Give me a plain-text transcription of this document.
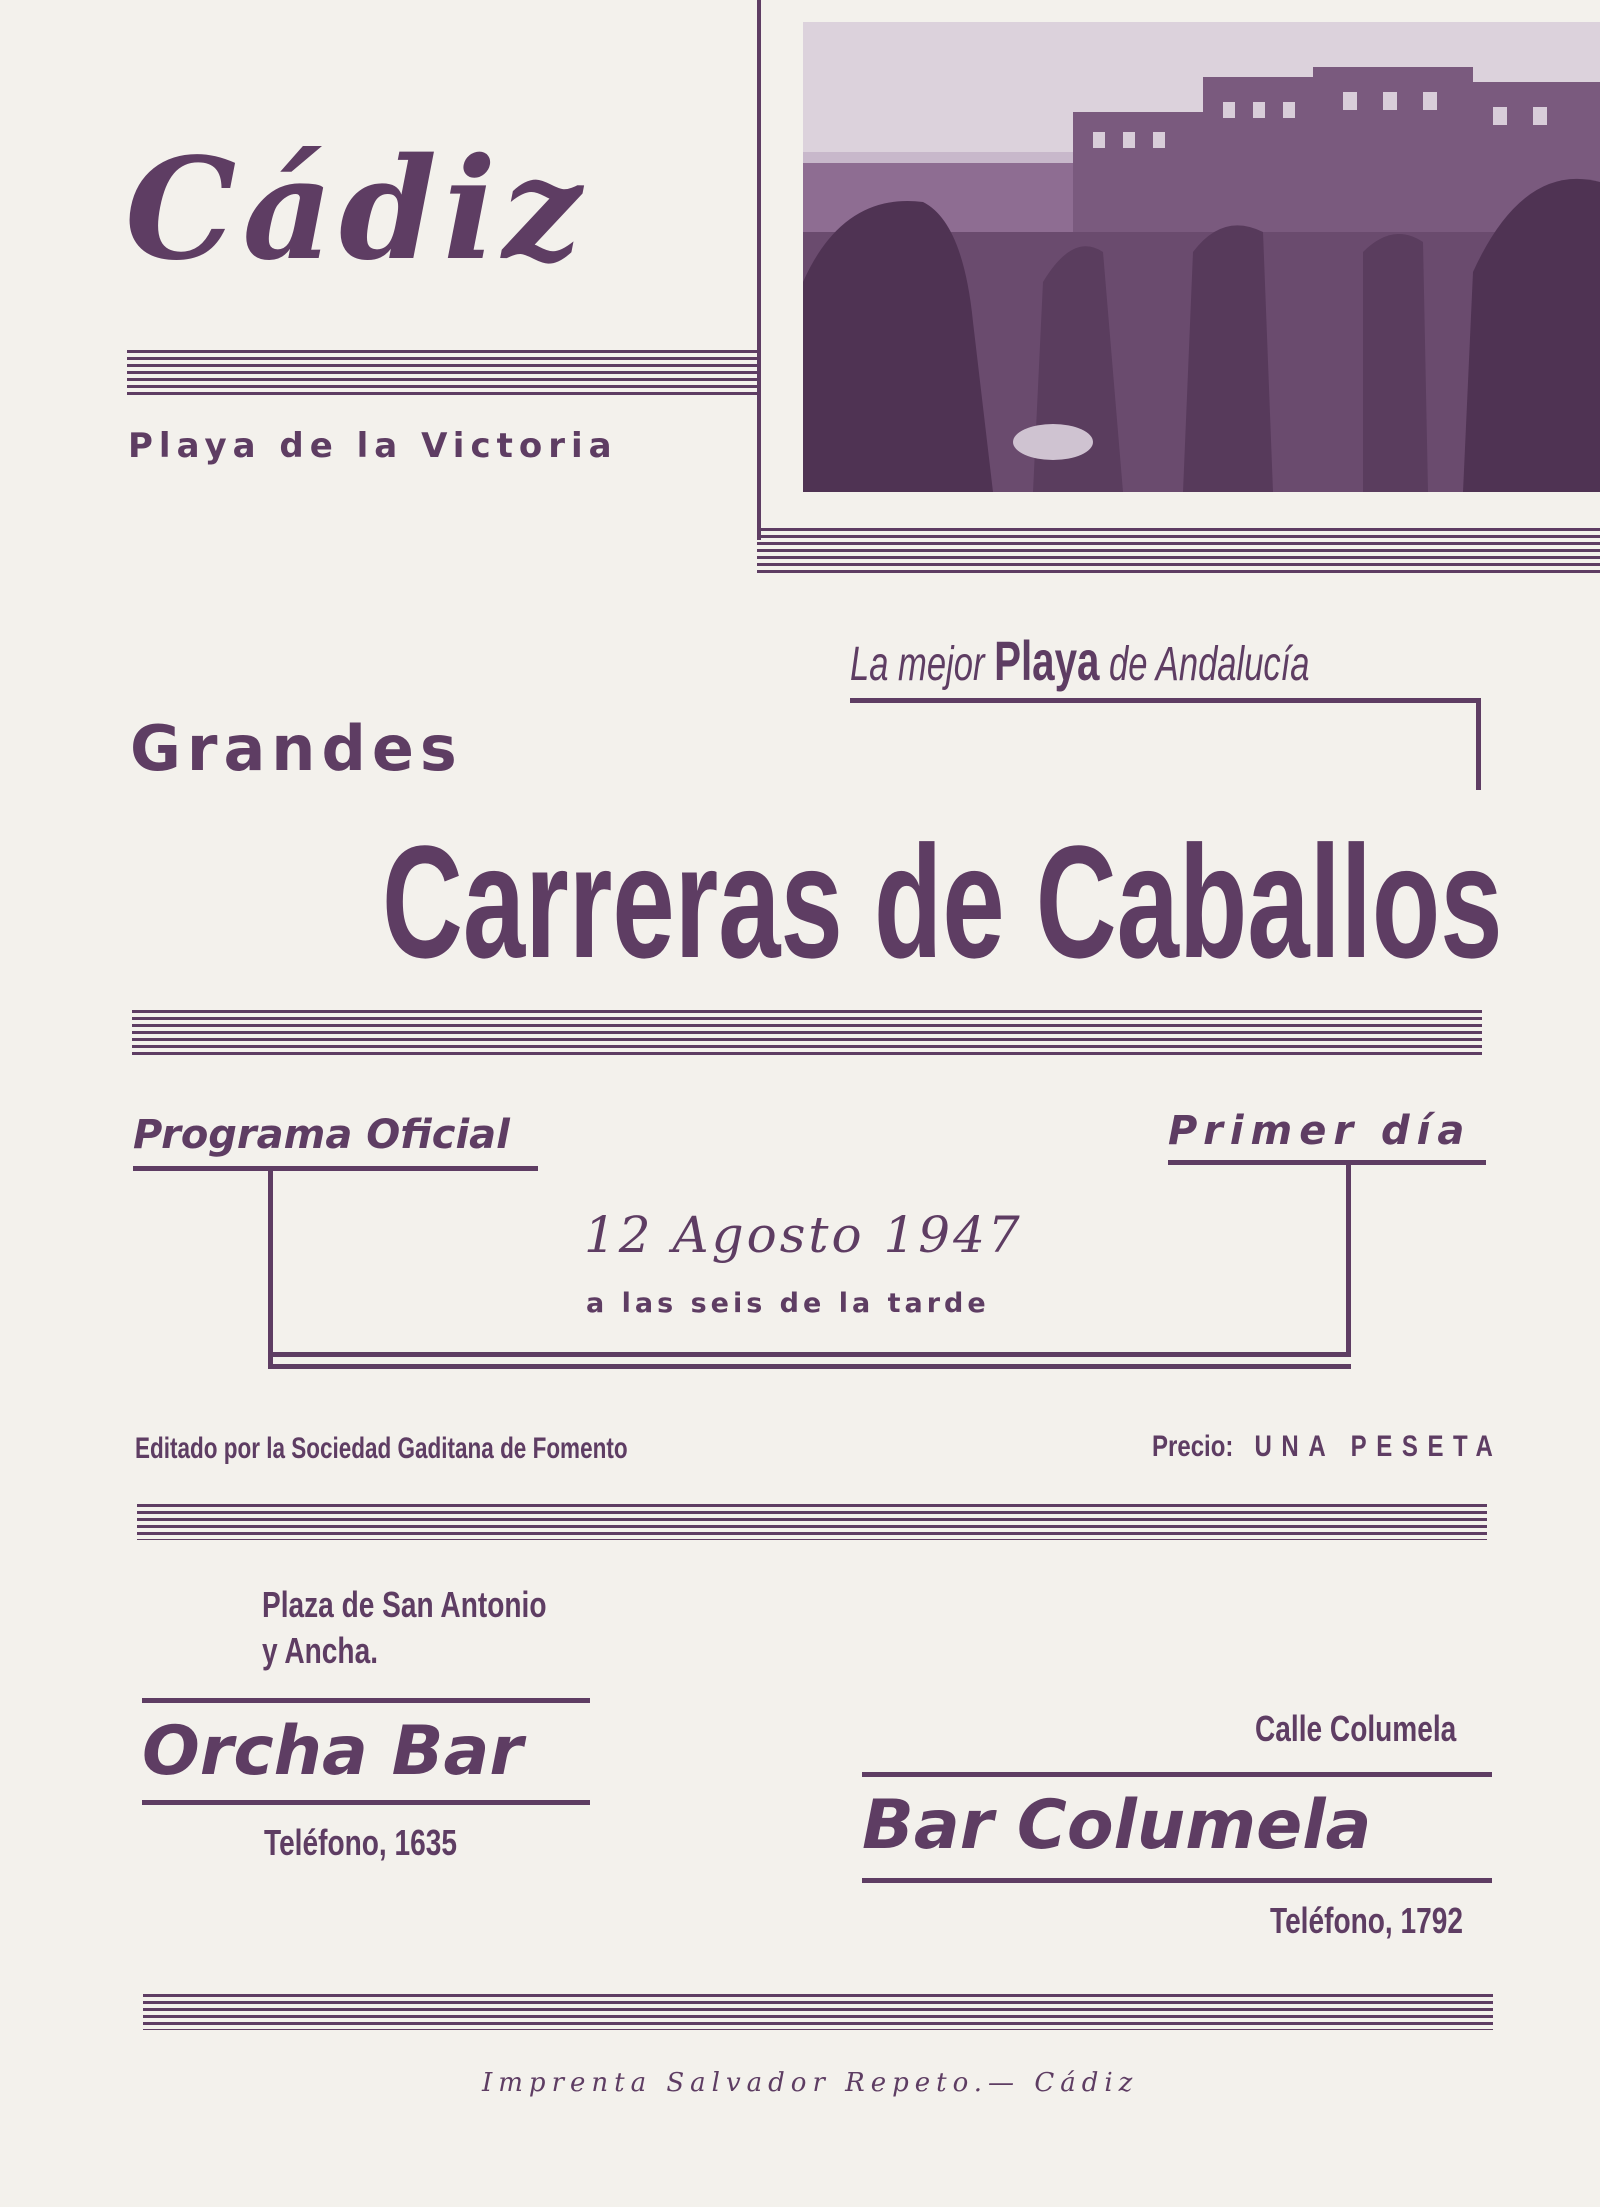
Cádiz
Playa de la Victoria
La mejor Playa de Andalucía
Grandes
Carreras de Caballos
Programa Oficial	Primer día
12 Agosto 1947
a las seis de la tarde
Editado por la Sociedad Gaditana de Fomento	Precio: UNA PESETA
Plaza de San Antonio
y Ancha.
Orcha Bar
Teléfono, 1635
Calle Columela
Bar Columela
Teléfono, 1792
Imprenta Salvador Repeto.— Cádiz
